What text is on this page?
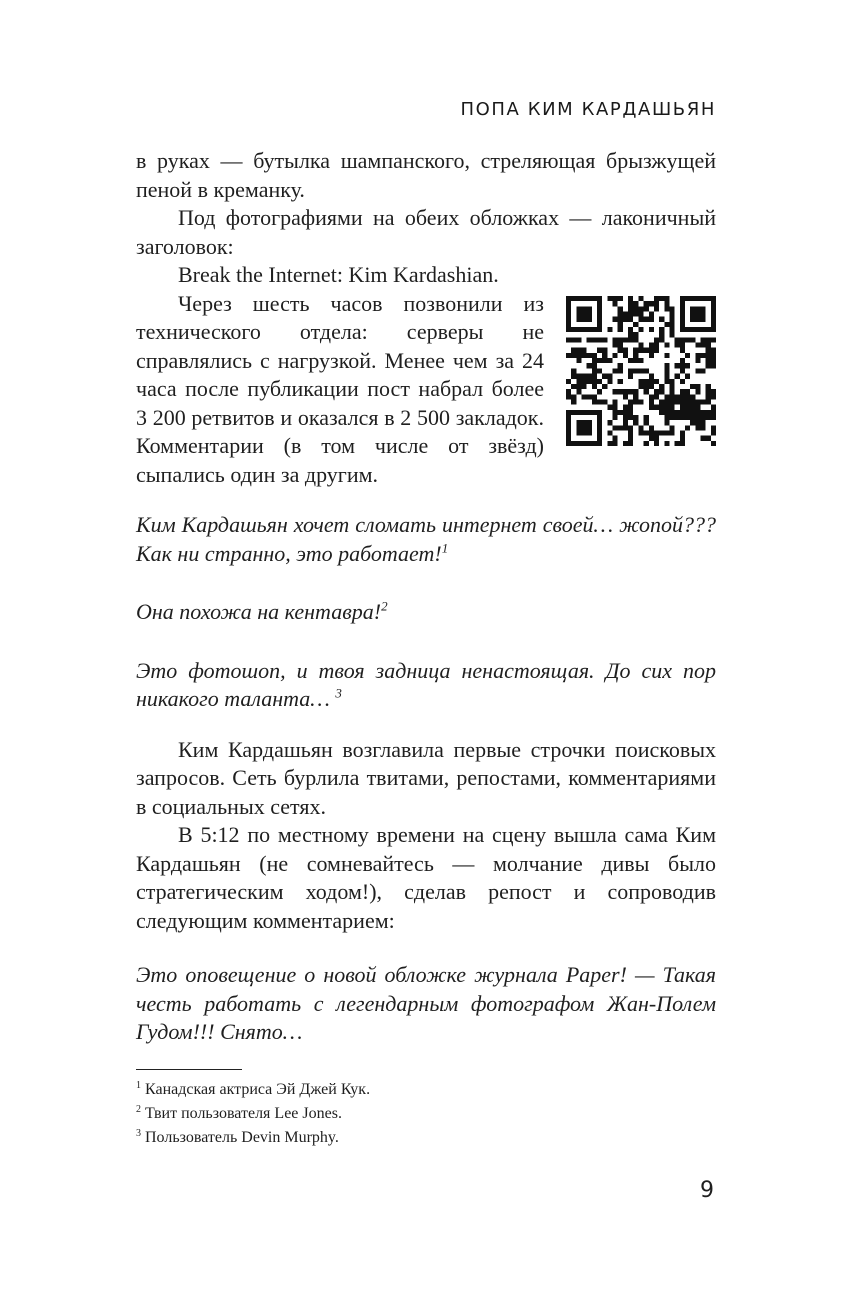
ПОПА КИМ КАРДАШЬЯН

в руках — бутылка шампанского, стреляющая брызжущей пеной в креманку.

Под фотографиями на обеих обложках — лаконичный заголовок:

Break the Internet: Kim Kardashian.

Через шесть часов позвонили из технического отдела: серверы не справлялись с нагрузкой. Менее чем за 24 часа после публикации пост набрал более 3 200 ретвитов и оказался в 2 500 закладок. Комментарии (в том числе от звёзд) сыпались один за другим.

Ким Кардашьян хочет сломать интернет своей… жопой??? Как ни странно, это работает!$^1$

Она похожа на кентавра!$^2$

Это фотошоп, и твоя задница ненастоящая. До сих пор никакого таланта… $^3$

Ким Кардашьян возглавила первые строчки поисковых запросов. Сеть бурлила твитами, репостами, комментариями в социальных сетях.

В 5:12 по местному времени на сцену вышла сама Ким Кардашьян (не сомневайтесь — молчание дивы было стратегическим ходом!), сделав репост и сопроводив следующим комментарием:

Это оповещение о новой обложке журнала Paper! — Такая честь работать с легендарным фотографом Жан-Полем Гудом!!! Снято…

$^1$ Канадская актриса Эй Джей Кук.
$^2$ Твит пользователя Lee Jones.
$^3$ Пользователь Devin Murphy.
9
